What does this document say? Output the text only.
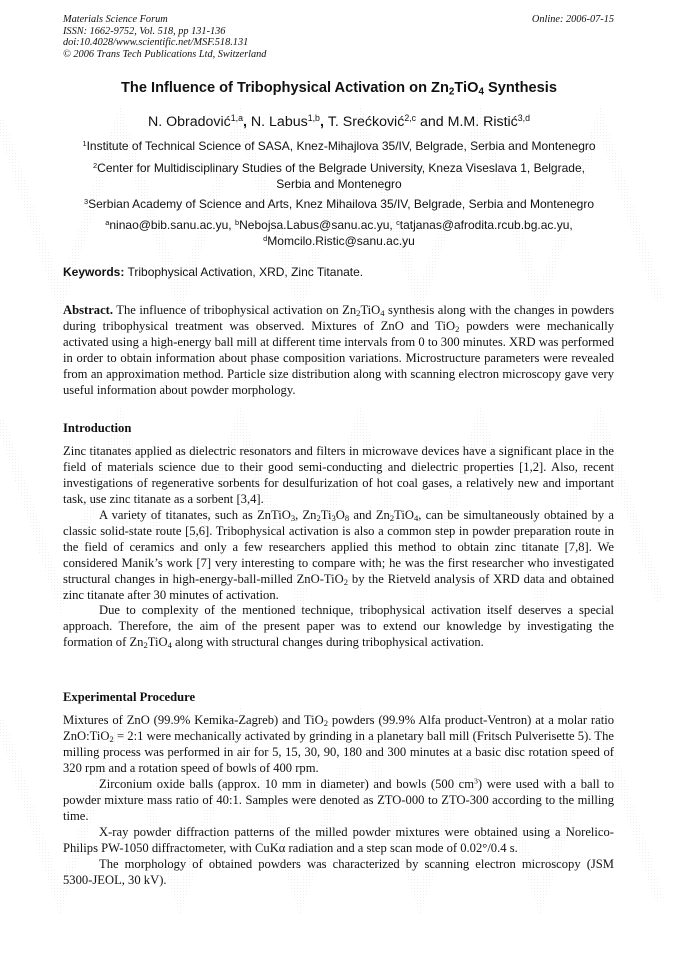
Materials Science Forum
ISSN: 1662-9752, Vol. 518, pp 131-136
doi:10.4028/www.scientific.net/MSF.518.131
© 2006 Trans Tech Publications Ltd, Switzerland
Online: 2006-07-15
The Influence of Tribophysical Activation on $Zn_2TiO_4$ Synthesis
N. Obradović$^{1,a}$, N. Labus$^{1,b}$, T. Srećković$^{2,c}$ and M.M. Ristić$^{3,d}$
$^1$Institute of Technical Science of SASA, Knez-Mihajlova 35/IV, Belgrade, Serbia and Montenegro
$^2$Center for Multidisciplinary Studies of the Belgrade University, Kneza Viseslava 1, Belgrade,
Serbia and Montenegro
$^3$Serbian Academy of Science and Arts, Knez Mihailova 35/IV, Belgrade, Serbia and Montenegro
$^a$ninao@bib.sanu.ac.yu, $^b$Nebojsa.Labus@sanu.ac.yu, $^c$tatjanas@afrodita.rcub.bg.ac.yu,
$^d$Momcilo.Ristic@sanu.ac.yu
Keywords: Tribophysical Activation, XRD, Zinc Titanate.
Abstract. The influence of tribophysical activation on $Zn_2TiO_4$ synthesis along with the changes in powders during tribophysical treatment was observed. Mixtures of ZnO and TiO$_2$ powders were mechanically activated using a high-energy ball mill at different time intervals from 0 to 300 minutes. XRD was performed in order to obtain information about phase composition variations. Microstructure parameters were revealed from an approximation method. Particle size distribution along with scanning electron microscopy gave very useful information about powder morphology.
Introduction
Zinc titanates applied as dielectric resonators and filters in microwave devices have a significant place in the field of materials science due to their good semi-conducting and dielectric properties [1,2]. Also, recent investigations of regenerative sorbents for desulfurization of hot coal gases, a relatively new and important task, use zinc titanate as a sorbent [3,4].
A variety of titanates, such as ZnTiO$_3$, $Zn_2Ti_3O_8$ and $Zn_2TiO_4$, can be simultaneously obtained by a classic solid-state route [5,6]. Tribophysical activation is also a common step in powder preparation route in the field of ceramics and only a few researchers applied this method to obtain zinc titanate [7,8]. We considered Manik’s work [7] very interesting to compare with; he was the first researcher who investigated structural changes in high-energy-ball-milled ZnO-TiO$_2$ by the Rietveld analysis of XRD data and obtained zinc titanate after 30 minutes of activation.
Due to complexity of the mentioned technique, tribophysical activation itself deserves a special approach. Therefore, the aim of the present paper was to extend our knowledge by investigating the formation of $Zn_2TiO_4$ along with structural changes during tribophysical activation.
Experimental Procedure
Mixtures of ZnO (99.9% Kemika-Zagreb) and TiO$_2$ powders (99.9% Alfa product-Ventron) at a molar ratio ZnO:TiO$_2$ = 2:1 were mechanically activated by grinding in a planetary ball mill (Fritsch Pulverisette 5). The milling process was performed in air for 5, 15, 30, 90, 180 and 300 minutes at a basic disc rotation speed of 320 rpm and a rotation speed of bowls of 400 rpm.
Zirconium oxide balls (approx. 10 mm in diameter) and bowls (500 $cm^3$) were used with a ball to powder mixture mass ratio of 40:1. Samples were denoted as ZTO-000 to ZTO-300 according to the milling time.
X-ray powder diffraction patterns of the milled powder mixtures were obtained using a Norelico-Philips PW-1050 diffractometer, with CuKα radiation and a step scan mode of 0.02°/0.4 s.
The morphology of obtained powders was characterized by scanning electron microscopy (JSM 5300-JEOL, 30 kV).
